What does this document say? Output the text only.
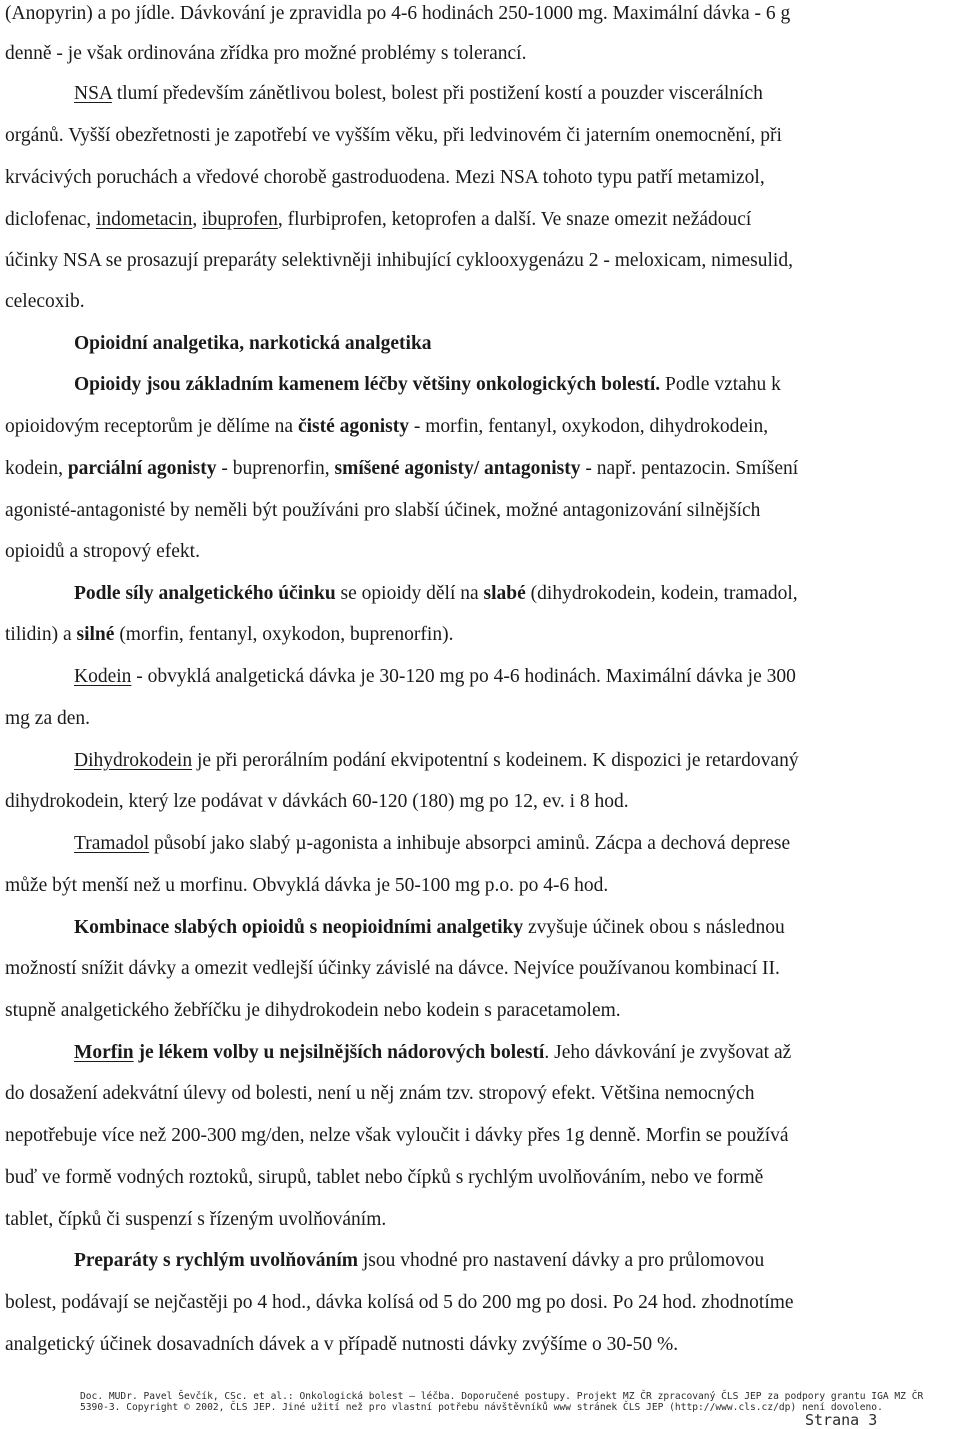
(Anopyrin) a po jídle. Dávkování je zpravidla po 4-6 hodinách 250-1000 mg. Maximální dávka - 6 g
denně - je však ordinována zřídka pro možné problémy s tolerancí.
NSA tlumí především zánětlivou bolest, bolest při postižení kostí a pouzder viscerálních
orgánů. Vyšší obezřetnosti je zapotřebí ve vyšším věku, při ledvinovém či jaterním onemocnění, při
krvácivých poruchách a vředové chorobě gastroduodena. Mezi NSA tohoto typu patří metamizol,
diclofenac, indometacin, ibuprofen, flurbiprofen, ketoprofen a další. Ve snaze omezit nežádoucí
účinky NSA se prosazují preparáty selektivněji inhibující cyklooxygenázu 2 - meloxicam, nimesulid,
celecoxib.
Opioidní analgetika, narkotická analgetika
Opioidy jsou základním kamenem léčby většiny onkologických bolestí. Podle vztahu k
opioidovým receptorům je dělíme na čisté agonisty - morfin, fentanyl, oxykodon, dihydrokodein,
kodein, parciální agonisty - buprenorfin, smíšené agonisty/ antagonisty - např. pentazocin. Smíšení
agonisté-antagonisté by neměli být používáni pro slabší účinek, možné antagonizování silnějších
opioidů a stropový efekt.
Podle síly analgetického účinku se opioidy dělí na slabé (dihydrokodein, kodein, tramadol,
tilidin) a silné (morfin, fentanyl, oxykodon, buprenorfin).
Kodein - obvyklá analgetická dávka je 30-120 mg po 4-6 hodinách. Maximální dávka je 300
mg za den.
Dihydrokodein je při perorálním podání ekvipotentní s kodeinem. K dispozici je retardovaný
dihydrokodein, který lze podávat v dávkách 60-120 (180) mg po 12, ev. i 8 hod.
Tramadol působí jako slabý µ-agonista a inhibuje absorpci aminů. Zácpa a dechová deprese
může být menší než u morfinu. Obvyklá dávka je 50-100 mg p.o. po 4-6 hod.
Kombinace slabých opioidů s neopioidními analgetiky zvyšuje účinek obou s následnou
možností snížit dávky a omezit vedlejší účinky závislé na dávce. Nejvíce používanou kombinací II.
stupně analgetického žebříčku je dihydrokodein nebo kodein s paracetamolem.
Morfin je lékem volby u nejsilnějších nádorových bolestí. Jeho dávkování je zvyšovat až
do dosažení adekvátní úlevy od bolesti, není u něj znám tzv. stropový efekt. Většina nemocných
nepotřebuje více než 200-300 mg/den, nelze však vyloučit i dávky přes 1g denně. Morfin se používá
buď ve formě vodných roztoků, sirupů, tablet nebo čípků s rychlým uvolňováním, nebo ve formě
tablet, čípků či suspenzí s řízeným uvolňováním.
Preparáty s rychlým uvolňováním jsou vhodné pro nastavení dávky a pro průlomovou
bolest, podávají se nejčastěji po 4 hod., dávka kolísá od 5 do 200 mg po dosi. Po 24 hod. zhodnotíme
analgetický účinek dosavadních dávek a v případě nutnosti dávky zvýšíme o 30-50 %.
Doc. MUDr. Pavel Ševčík, CSc. et al.: Onkologická bolest – léčba. Doporučené postupy. Projekt MZ ČR zpracovaný ČLS JEP za podpory grantu IGA MZ ČR
5390-3. Copyright © 2002, ČLS JEP. Jiné užití než pro vlastní potřebu návštěvníků www stránek ČLS JEP (http://www.cls.cz/dp) není dovoleno.
Strana 3
